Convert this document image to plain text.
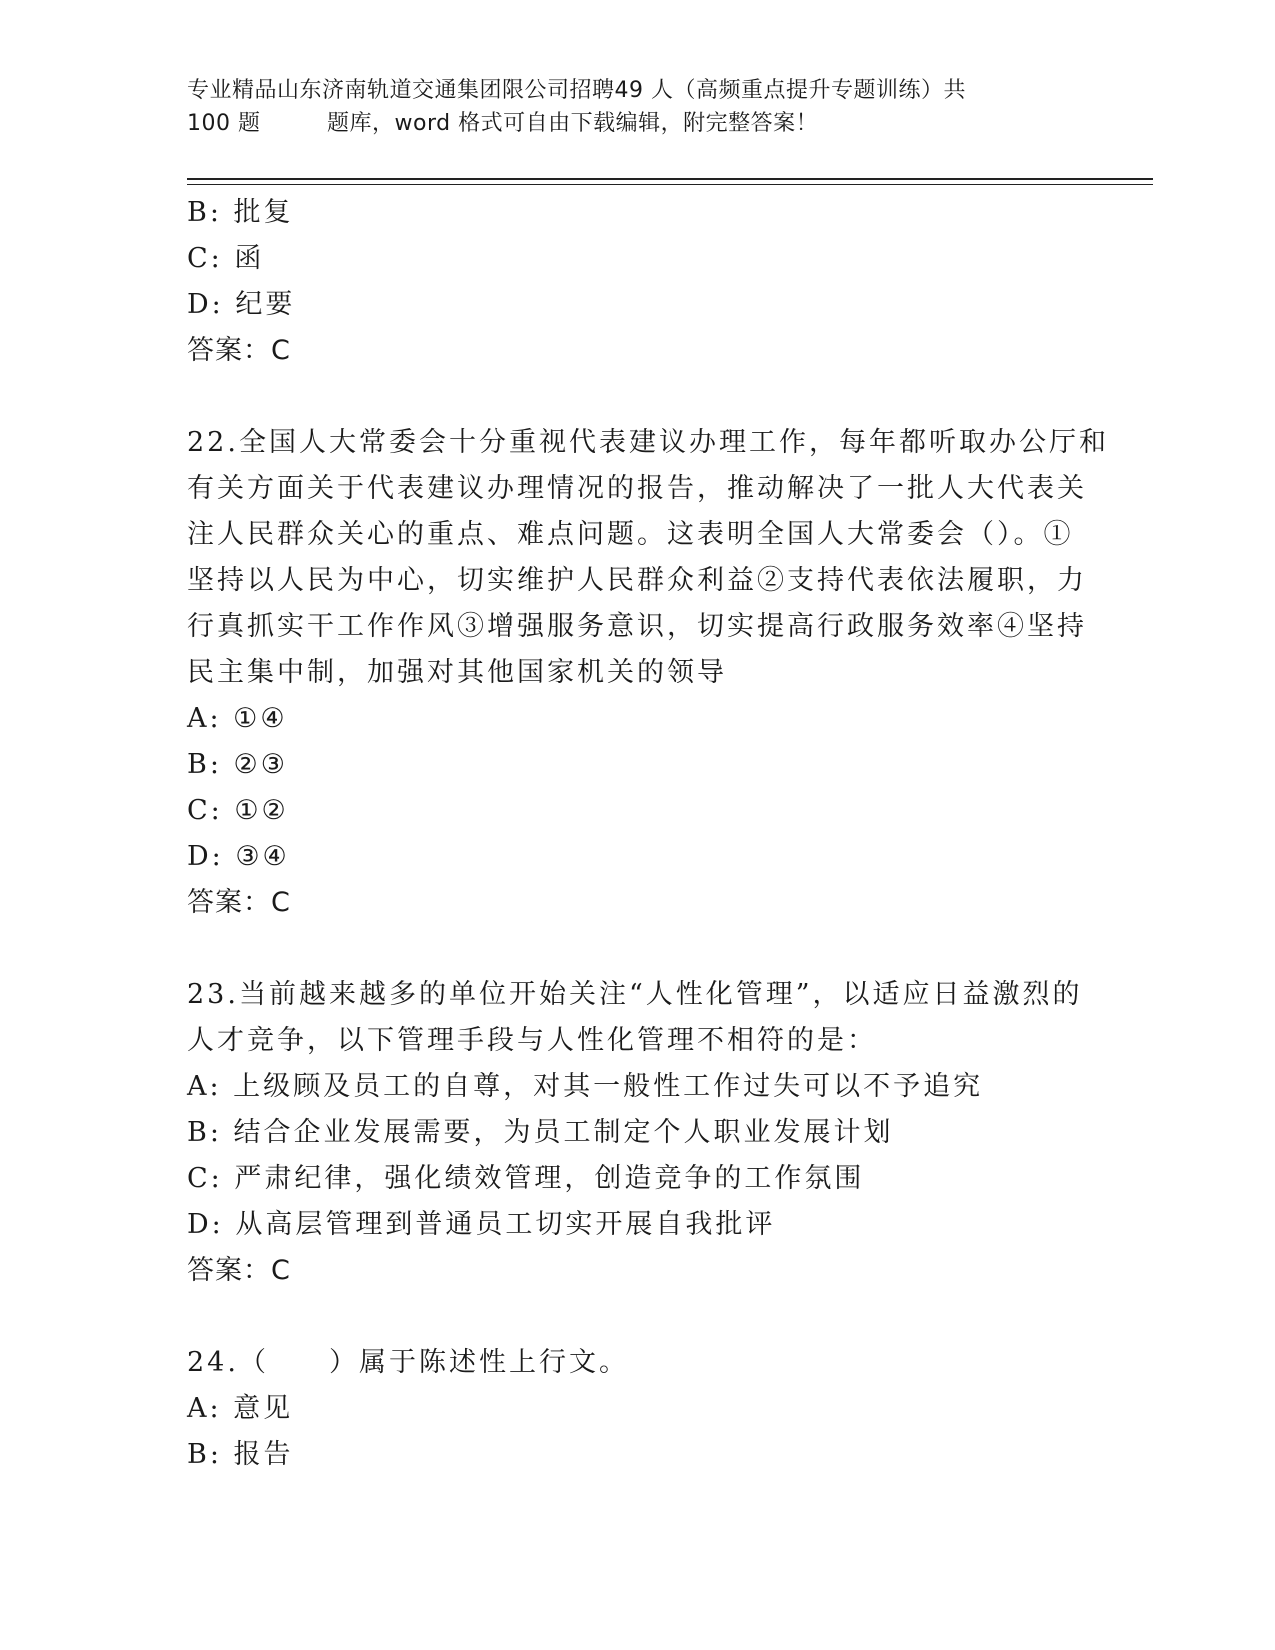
专业精品山东济南轨道交通集团限公司招聘49 人（高频重点提升专题训练）共
100 题	题库，word 格式可自由下载编辑，附完整答案！
B: 批复
C: 函
D: 纪要
答案：C
22.全国人大常委会十分重视代表建议办理工作，每年都听取办公厅和
有关方面关于代表建议办理情况的报告，推动解决了一批人大代表关
注人民群众关心的重点、难点问题。这表明全国人大常委会（）。①
坚持以人民为中心，切实维护人民群众利益②支持代表依法履职，力
行真抓实干工作作风③增强服务意识，切实提高行政服务效率④坚持
民主集中制，加强对其他国家机关的领导
A: ①④
B: ②③
C: ①②
D: ③④
答案：C
23.当前越来越多的单位开始关注“人性化管理”，以适应日益激烈的
人才竞争，以下管理手段与人性化管理不相符的是：
A: 上级顾及员工的自尊，对其一般性工作过失可以不予追究
B: 结合企业发展需要，为员工制定个人职业发展计划
C: 严肃纪律，强化绩效管理，创造竞争的工作氛围
D: 从高层管理到普通员工切实开展自我批评
答案：C
24.（　　）属于陈述性上行文。
A: 意见
B: 报告
